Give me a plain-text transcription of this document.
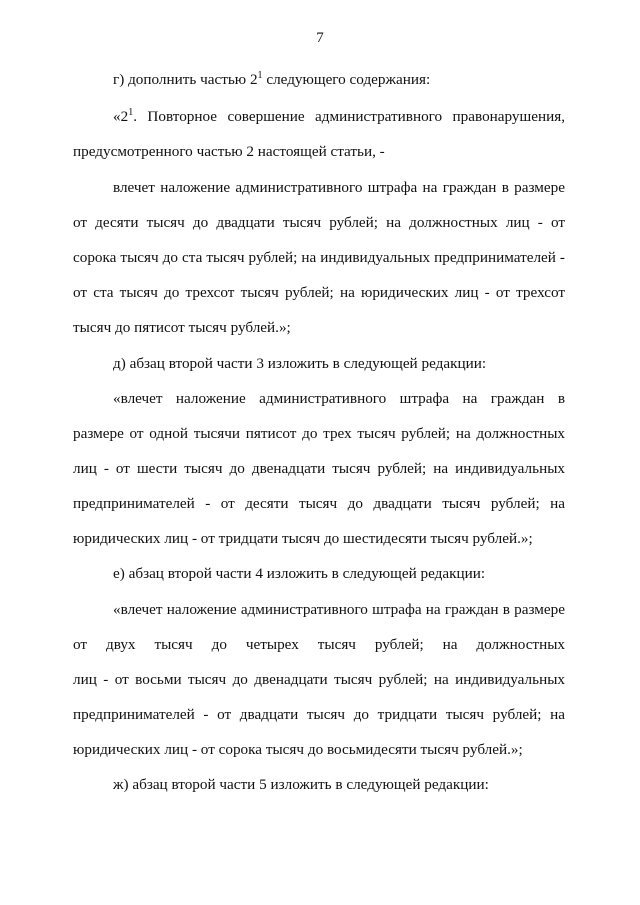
7
г) дополнить частью $2^1$ следующего содержания:
«$2^1$. Повторное совершение административного правонарушения,
предусмотренного частью 2 настоящей статьи, -
влечет наложение административного штрафа на граждан в размере
от десяти тысяч до двадцати тысяч рублей; на должностных лиц - от
сорока тысяч до ста тысяч рублей; на индивидуальных предпринимателей -
от ста тысяч до трехсот тысяч рублей; на юридических лиц - от трехсот
тысяч до пятисот тысяч рублей.»;
д) абзац второй части 3 изложить в следующей редакции:
«влечет наложение административного штрафа на граждан в
размере от одной тысячи пятисот до трех тысяч рублей; на должностных
лиц - от шести тысяч до двенадцати тысяч рублей; на индивидуальных
предпринимателей - от десяти тысяч до двадцати тысяч рублей; на
юридических лиц - от тридцати тысяч до шестидесяти тысяч рублей.»;
е) абзац второй части 4 изложить в следующей редакции:
«влечет наложение административного штрафа на граждан в размере
от двух тысяч до четырех тысяч рублей; на должностных
лиц - от восьми тысяч до двенадцати тысяч рублей; на индивидуальных
предпринимателей - от двадцати тысяч до тридцати тысяч рублей; на
юридических лиц - от сорока тысяч до восьмидесяти тысяч рублей.»;
ж) абзац второй части 5 изложить в следующей редакции:
